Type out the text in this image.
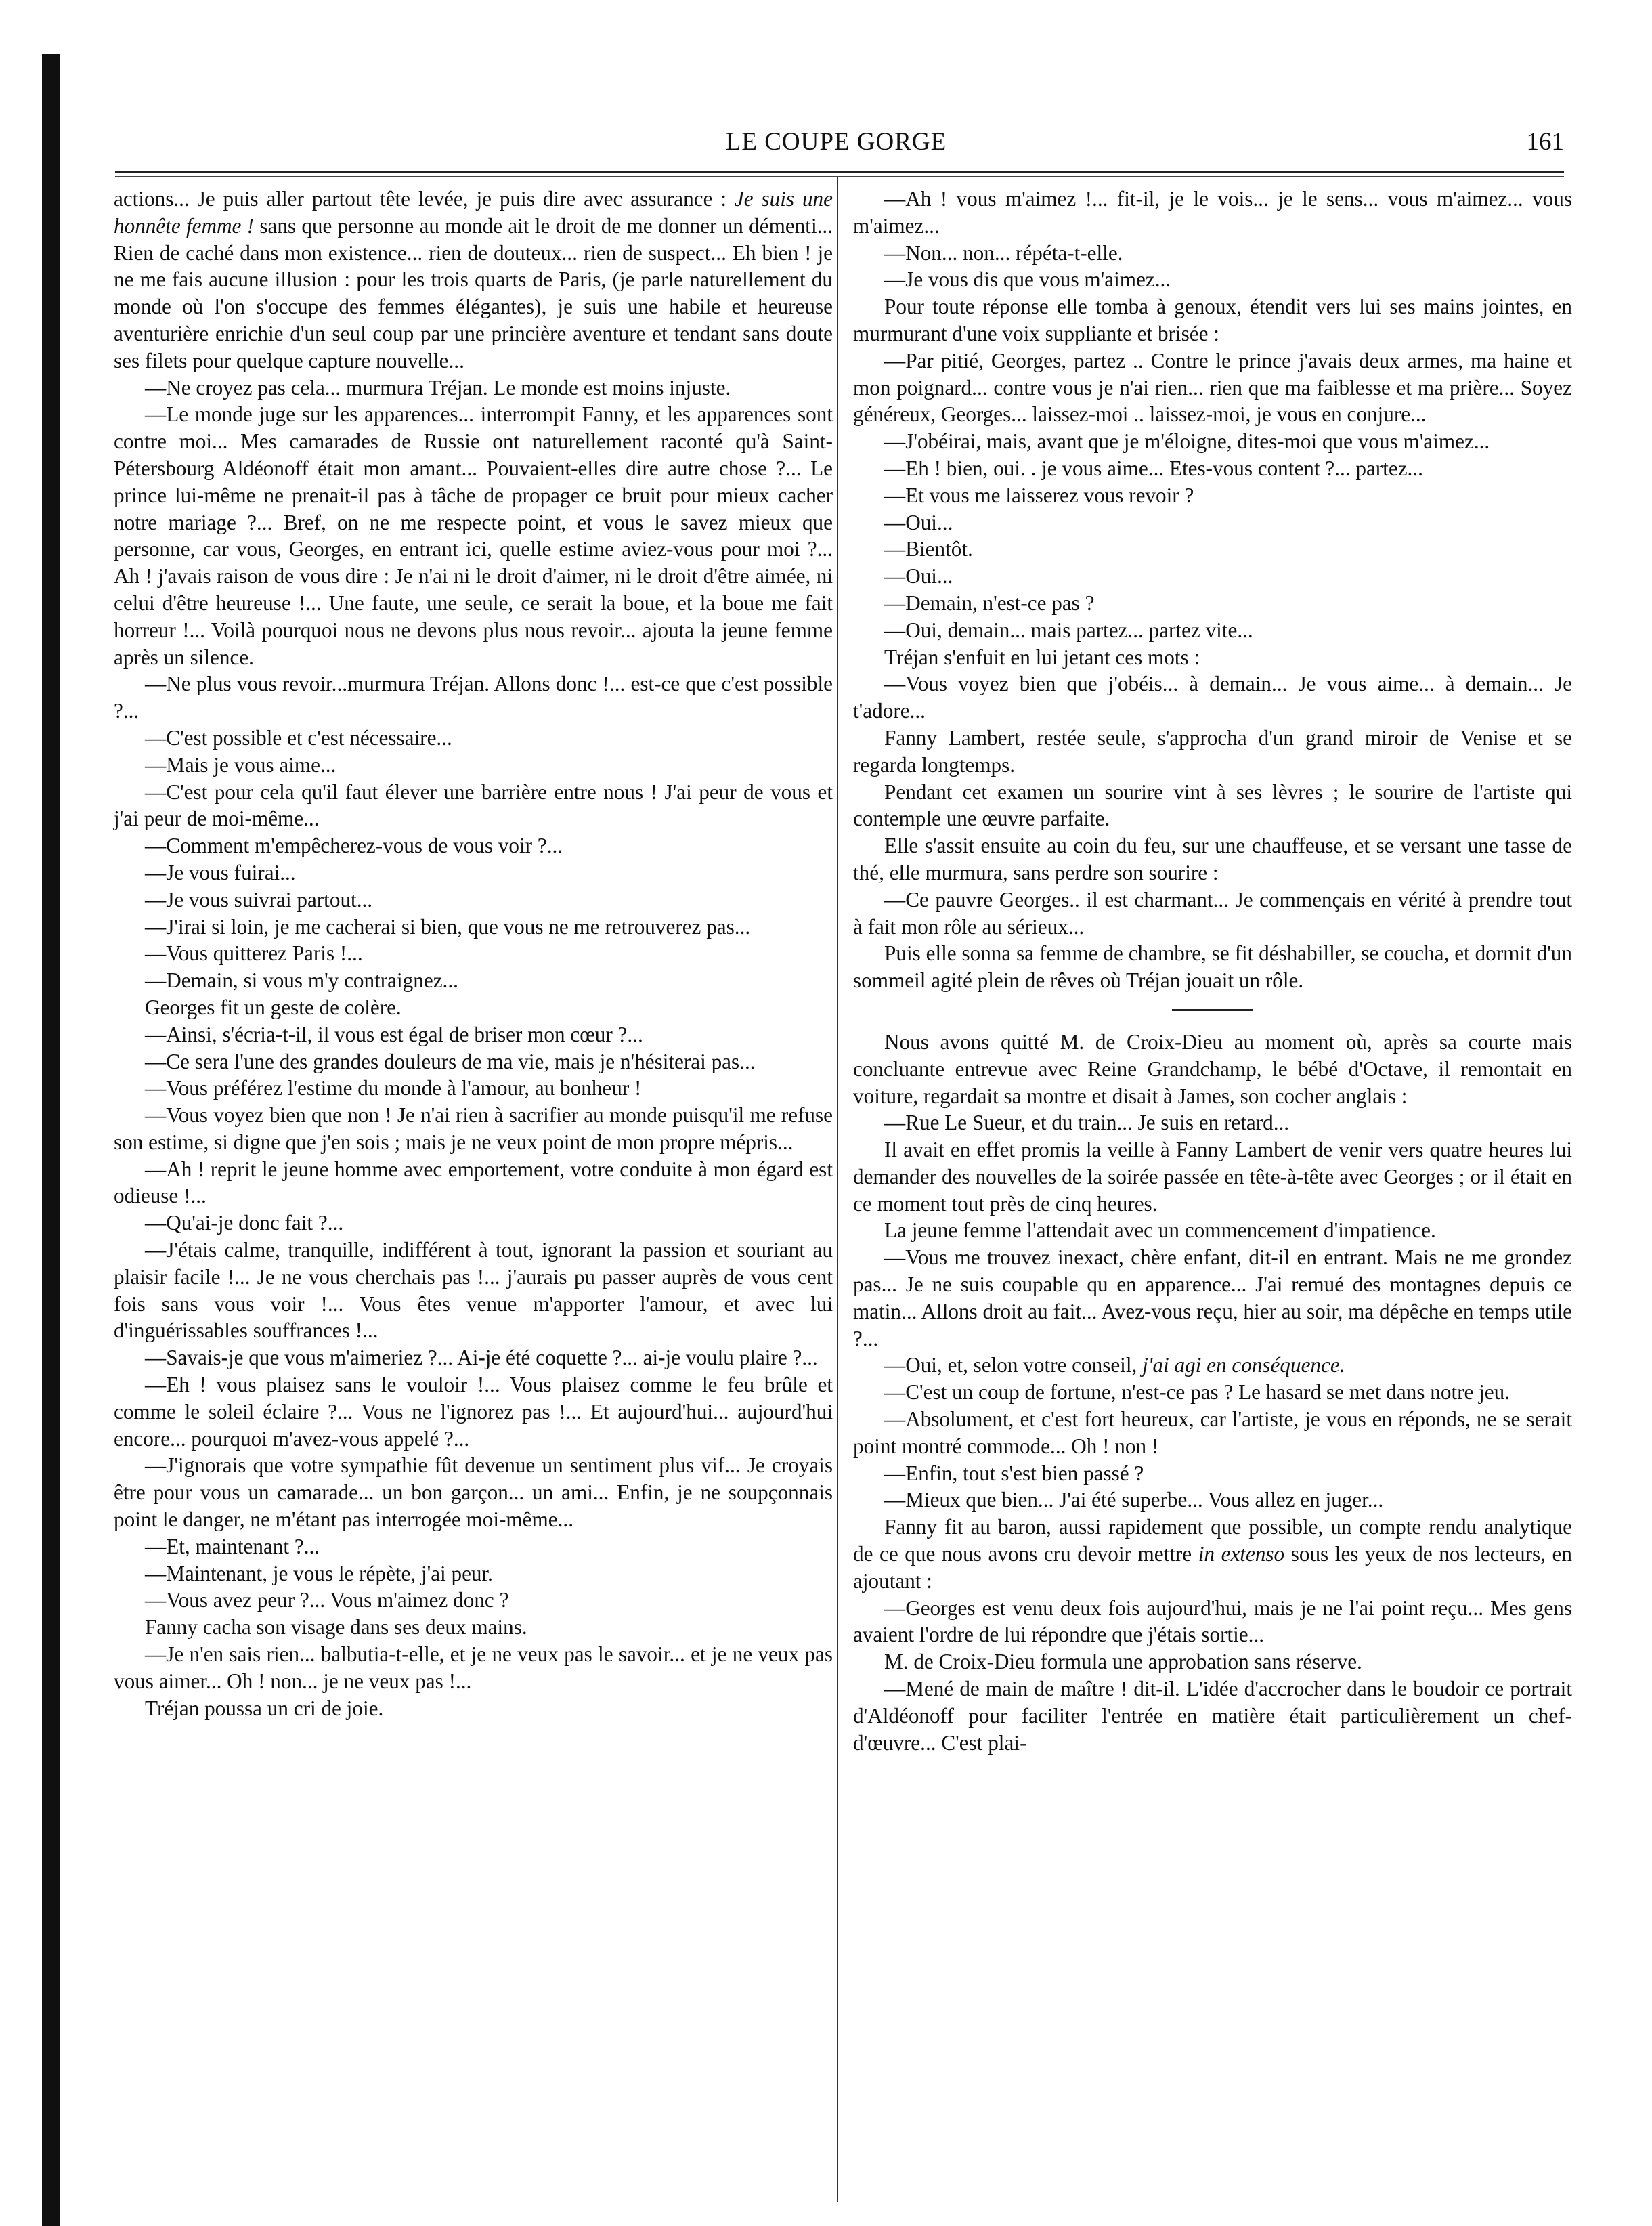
LE COUPE GORGE	161

actions... Je puis aller partout tête levée, je puis dire avec assurance : Je suis une honnête femme ! sans que personne au monde ait le droit de me donner un démenti... Rien de caché dans mon existence... rien de douteux... rien de suspect... Eh bien ! je ne me fais aucune illusion : pour les trois quarts de Paris, (je parle naturellement du monde où l'on s'occupe des femmes élégantes), je suis une habile et heureuse aventurière enrichie d'un seul coup par une princière aventure et tendant sans doute ses filets pour quelque capture nouvelle...

—Ne croyez pas cela... murmura Tréjan. Le monde est moins injuste.

—Le monde juge sur les apparences... interrompit Fanny, et les apparences sont contre moi... Mes camarades de Russie ont naturellement raconté qu'à Saint-Pétersbourg Aldéonoff était mon amant... Pouvaient-elles dire autre chose ?... Le prince lui-même ne prenait-il pas à tâche de propager ce bruit pour mieux cacher notre mariage ?... Bref, on ne me respecte point, et vous le savez mieux que personne, car vous, Georges, en entrant ici, quelle estime aviez-vous pour moi ?... Ah ! j'avais raison de vous dire : Je n'ai ni le droit d'aimer, ni le droit d'être aimée, ni celui d'être heureuse !... Une faute, une seule, ce serait la boue, et la boue me fait horreur !... Voilà pourquoi nous ne devons plus nous revoir... ajouta la jeune femme après un silence.

—Ne plus vous revoir...murmura Tréjan. Allons donc !... est-ce que c'est possible ?...

—C'est possible et c'est nécessaire...

—Mais je vous aime...

—C'est pour cela qu'il faut élever une barrière entre nous ! J'ai peur de vous et j'ai peur de moi-même...

—Comment m'empêcherez-vous de vous voir ?...

—Je vous fuirai...

—Je vous suivrai partout...

—J'irai si loin, je me cacherai si bien, que vous ne me retrouverez pas...

—Vous quitterez Paris !...

—Demain, si vous m'y contraignez...

Georges fit un geste de colère.

—Ainsi, s'écria-t-il, il vous est égal de briser mon cœur ?...

—Ce sera l'une des grandes douleurs de ma vie, mais je n'hésiterai pas...

—Vous préférez l'estime du monde à l'amour, au bonheur !

—Vous voyez bien que non ! Je n'ai rien à sacrifier au monde puisqu'il me refuse son estime, si digne que j'en sois ; mais je ne veux point de mon propre mépris...

—Ah ! reprit le jeune homme avec emportement, votre conduite à mon égard est odieuse !...

—Qu'ai-je donc fait ?...

—J'étais calme, tranquille, indifférent à tout, ignorant la passion et souriant au plaisir facile !... Je ne vous cherchais pas !... j'aurais pu passer auprès de vous cent fois sans vous voir !... Vous êtes venue m'apporter l'amour, et avec lui d'inguérissables souffrances !...

—Savais-je que vous m'aimeriez ?... Ai-je été coquette ?... ai-je voulu plaire ?...

—Eh ! vous plaisez sans le vouloir !... Vous plaisez comme le feu brûle et comme le soleil éclaire ?... Vous ne l'ignorez pas !... Et aujourd'hui... aujourd'hui encore... pourquoi m'avez-vous appelé ?...

—J'ignorais que votre sympathie fût devenue un sentiment plus vif... Je croyais être pour vous un camarade... un bon garçon... un ami... Enfin, je ne soupçonnais point le danger, ne m'étant pas interrogée moi-même...

—Et, maintenant ?...

—Maintenant, je vous le répète, j'ai peur.

—Vous avez peur ?... Vous m'aimez donc ?

Fanny cacha son visage dans ses deux mains.

—Je n'en sais rien... balbutia-t-elle, et je ne veux pas le savoir... et je ne veux pas vous aimer... Oh ! non... je ne veux pas !...

Tréjan poussa un cri de joie.

—Ah ! vous m'aimez !... fit-il, je le vois... je le sens... vous m'aimez... vous m'aimez...

—Non... non... répéta-t-elle.

—Je vous dis que vous m'aimez...

Pour toute réponse elle tomba à genoux, étendit vers lui ses mains jointes, en murmurant d'une voix suppliante et brisée :

—Par pitié, Georges, partez .. Contre le prince j'avais deux armes, ma haine et mon poignard... contre vous je n'ai rien... rien que ma faiblesse et ma prière... Soyez généreux, Georges... laissez-moi .. laissez-moi, je vous en conjure...

—J'obéirai, mais, avant que je m'éloigne, dites-moi que vous m'aimez...

—Eh ! bien, oui. . je vous aime... Etes-vous content ?... partez...

—Et vous me laisserez vous revoir ?

—Oui...

—Bientôt.

—Oui...

—Demain, n'est-ce pas ?

—Oui, demain... mais partez... partez vite...

Tréjan s'enfuit en lui jetant ces mots :

—Vous voyez bien que j'obéis... à demain... Je vous aime... à demain... Je t'adore...

Fanny Lambert, restée seule, s'approcha d'un grand miroir de Venise et se regarda longtemps.

Pendant cet examen un sourire vint à ses lèvres ; le sourire de l'artiste qui contemple une œuvre parfaite.

Elle s'assit ensuite au coin du feu, sur une chauffeuse, et se versant une tasse de thé, elle murmura, sans perdre son sourire :

—Ce pauvre Georges.. il est charmant... Je commençais en vérité à prendre tout à fait mon rôle au sérieux...

Puis elle sonna sa femme de chambre, se fit déshabiller, se coucha, et dormit d'un sommeil agité plein de rêves où Tréjan jouait un rôle.

Nous avons quitté M. de Croix-Dieu au moment où, après sa courte mais concluante entrevue avec Reine Grandchamp, le bébé d'Octave, il remontait en voiture, regardait sa montre et disait à James, son cocher anglais :

—Rue Le Sueur, et du train... Je suis en retard...

Il avait en effet promis la veille à Fanny Lambert de venir vers quatre heures lui demander des nouvelles de la soirée passée en tête-à-tête avec Georges ; or il était en ce moment tout près de cinq heures.

La jeune femme l'attendait avec un commencement d'impatience.

—Vous me trouvez inexact, chère enfant, dit-il en entrant. Mais ne me grondez pas... Je ne suis coupable qu en apparence... J'ai remué des montagnes depuis ce matin... Allons droit au fait... Avez-vous reçu, hier au soir, ma dépêche en temps utile ?...

—Oui, et, selon votre conseil, j'ai agi en conséquence.

—C'est un coup de fortune, n'est-ce pas ? Le hasard se met dans notre jeu.

—Absolument, et c'est fort heureux, car l'artiste, je vous en réponds, ne se serait point montré commode... Oh ! non !

—Enfin, tout s'est bien passé ?

—Mieux que bien... J'ai été superbe... Vous allez en juger...

Fanny fit au baron, aussi rapidement que possible, un compte rendu analytique de ce que nous avons cru devoir mettre in extenso sous les yeux de nos lecteurs, en ajoutant :

—Georges est venu deux fois aujourd'hui, mais je ne l'ai point reçu... Mes gens avaient l'ordre de lui répondre que j'étais sortie...

M. de Croix-Dieu formula une approbation sans réserve.

—Mené de main de maître ! dit-il. L'idée d'accrocher dans le boudoir ce portrait d'Aldéonoff pour faciliter l'entrée en matière était particulièrement un chef-d'œuvre... C'est plai-
